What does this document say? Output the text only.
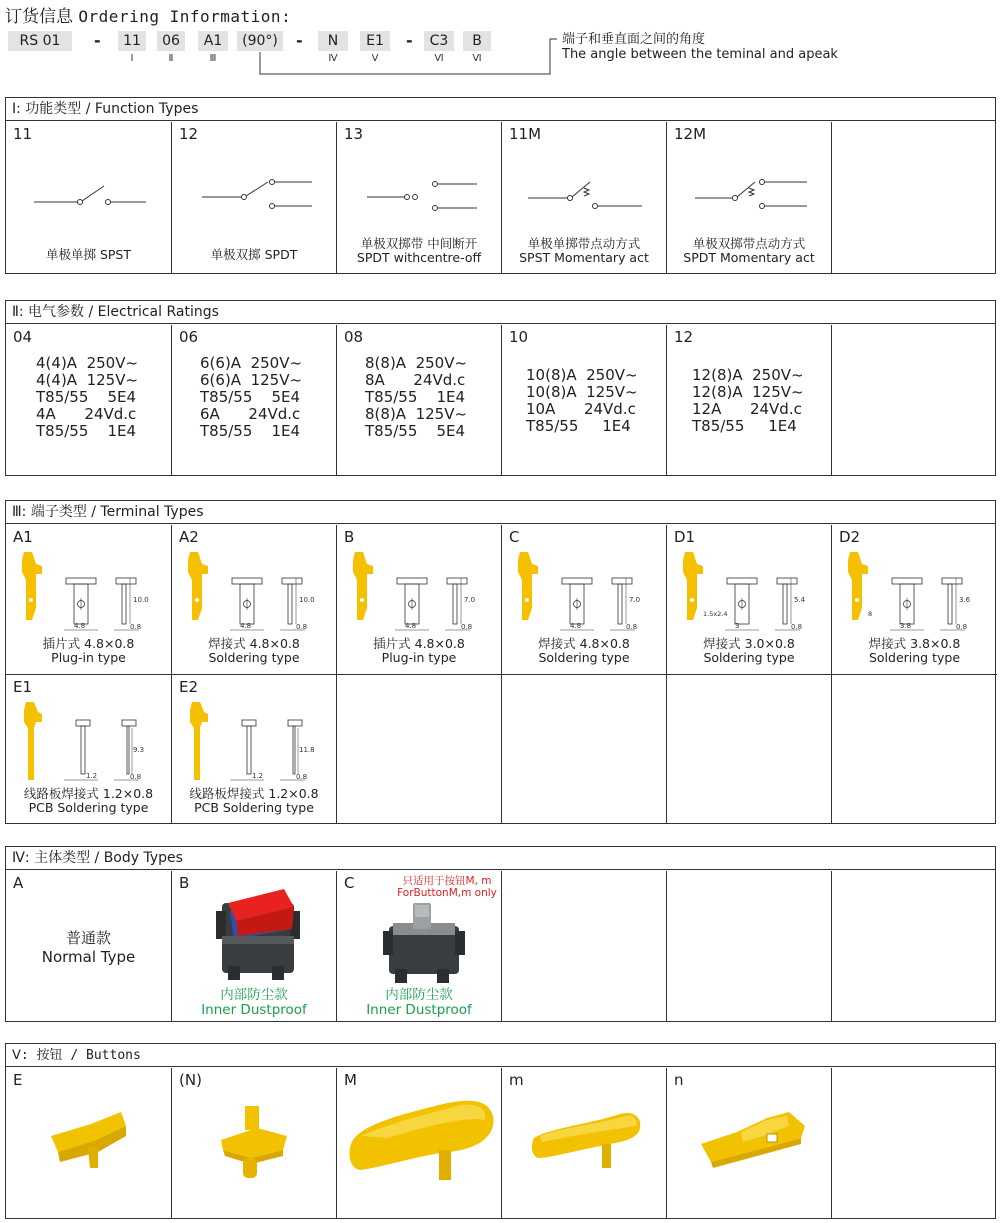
订货信息 Ordering Information:
RS 01	-	11	06	A1	(90°)	-	N	E1	-	C3	B
Ⅰ	Ⅱ	Ⅲ	Ⅳ	Ⅴ	Ⅵ	Ⅵ
端子和垂直面之间的角度
The angle between the teminal and apeak
Ⅰ: 功能类型 / Function Types
11
单极单掷 SPST
12
单极双掷 SPDT
13
单极双掷带 中间断开
SPDT withcentre-off
11M
单极单掷带点动方式
SPST Momentary act
12M
单极双掷带点动方式
SPDT Momentary act
Ⅱ: 电气参数 / Electrical Ratings
04
4(4)A  250V~
4(4)A  125V~
T85/55    5E4
4A      24Vd.c
T85/55    1E4
06
6(6)A  250V~
6(6)A  125V~
T85/55    5E4
6A      24Vd.c
T85/55    1E4
08
8(8)A  250V~
8A      24Vd.c
T85/55    1E4
8(8)A  125V~
T85/55    5E4
10
10(8)A  250V~
10(8)A  125V~
10A      24Vd.c
T85/55     1E4
12
12(8)A  250V~
12(8)A  125V~
12A      24Vd.c
T85/55     1E4
Ⅲ: 端子类型 / Terminal Types
A1
4.8
10.0
0.8
插片式 4.8×0.8
Plug-in type
A2
4.8
10.0
0.8
焊接式 4.8×0.8
Soldering type
B
4.8
7.0
0.8
插片式 4.8×0.8
Plug-in type
C
4.8
7.0
0.8
焊接式 4.8×0.8
Soldering type
D1
3
5.4
0.8
1.5x2.4
焊接式 3.0×0.8
Soldering type
D2
3.8
3.6
0.8
8
焊接式 3.8×0.8
Soldering type
E1
1.2
9.3
0.8
线路板焊接式 1.2×0.8
PCB Soldering type
E2
1.2
11.8
0.8
线路板焊接式 1.2×0.8
PCB Soldering type
Ⅳ: 主体类型 / Body Types
A
普通款
Normal Type
B
内部防尘款
Inner Dustproof
C	只适用于按钮M, m
ForButtonM,m only
内部防尘款
Inner Dustproof
Ⅴ: 按钮 / Buttons
E	(N)	M	m	n
